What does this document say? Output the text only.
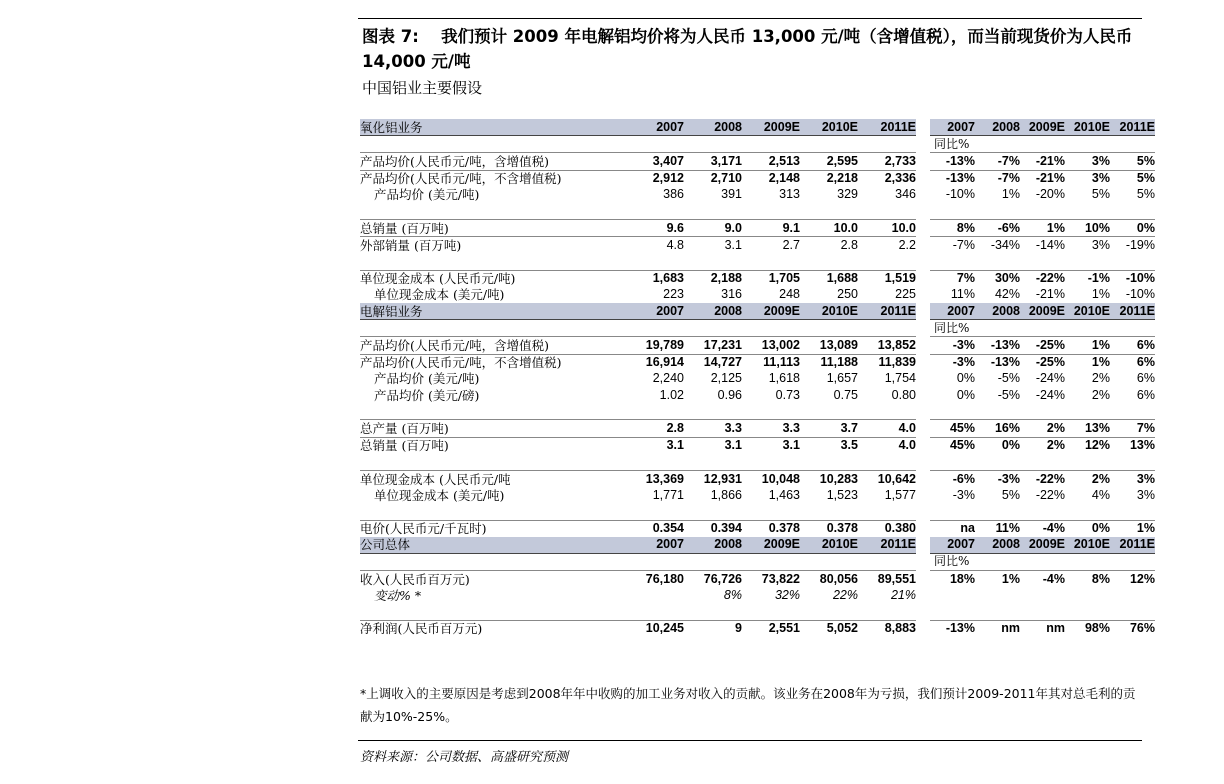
图表 7:　 我们预计 2009 年电解铝均价将为人民币 13,000 元/吨（含增值税），而当前现货价为人民币 14,000 元/吨
中国铝业主要假设
氧化铝业务	2007	2008	2009E	2010E	2011E		2007	2008	2009E	2010E	2011E
							同比%				
产品均价(人民币元/吨，含增值税)	3,407	3,171	2,513	2,595	2,733		-13%	-7%	-21%	3%	5%
产品均价(人民币元/吨，不含增值税)	2,912	2,710	2,148	2,218	2,336		-13%	-7%	-21%	3%	5%
产品均价 (美元/吨)	386	391	313	329	346		-10%	1%	-20%	5%	5%

总销量 (百万吨)	9.6	9.0	9.1	10.0	10.0		8%	-6%	1%	10%	0%
外部销量 (百万吨)	4.8	3.1	2.7	2.8	2.2		-7%	-34%	-14%	3%	-19%

单位现金成本 (人民币元/吨)	1,683	2,188	1,705	1,688	1,519		7%	30%	-22%	-1%	-10%
单位现金成本 (美元/吨)	223	316	248	250	225		11%	42%	-21%	1%	-10%
电解铝业务	2007	2008	2009E	2010E	2011E		2007	2008	2009E	2010E	2011E
							同比%				
产品均价(人民币元/吨，含增值税)	19,789	17,231	13,002	13,089	13,852		-3%	-13%	-25%	1%	6%
产品均价(人民币元/吨，不含增值税)	16,914	14,727	11,113	11,188	11,839		-3%	-13%	-25%	1%	6%
产品均价 (美元/吨)	2,240	2,125	1,618	1,657	1,754		0%	-5%	-24%	2%	6%
产品均价 (美元/磅)	1.02	0.96	0.73	0.75	0.80		0%	-5%	-24%	2%	6%

总产量 (百万吨)	2.8	3.3	3.3	3.7	4.0		45%	16%	2%	13%	7%
总销量 (百万吨)	3.1	3.1	3.1	3.5	4.0		45%	0%	2%	12%	13%

单位现金成本 (人民币元/吨	13,369	12,931	10,048	10,283	10,642		-6%	-3%	-22%	2%	3%
单位现金成本 (美元/吨)	1,771	1,866	1,463	1,523	1,577		-3%	5%	-22%	4%	3%

电价(人民币元/千瓦时)	0.354	0.394	0.378	0.378	0.380		na	11%	-4%	0%	1%
公司总体	2007	2008	2009E	2010E	2011E		2007	2008	2009E	2010E	2011E
							同比%				
收入(人民币百万元)	76,180	76,726	73,822	80,056	89,551		18%	1%	-4%	8%	12%
变动% *		8%	32%	22%	21%						

净利润(人民币百万元)	10,245	9	2,551	5,052	8,883		-13%	nm	nm	98%	76%
*上调收入的主要原因是考虑到2008年年中收购的加工业务对收入的贡献。该业务在2008年为亏损，我们预计2009-2011年其对总毛利的贡献为10%-25%。
资料来源：公司数据、高盛研究预测
